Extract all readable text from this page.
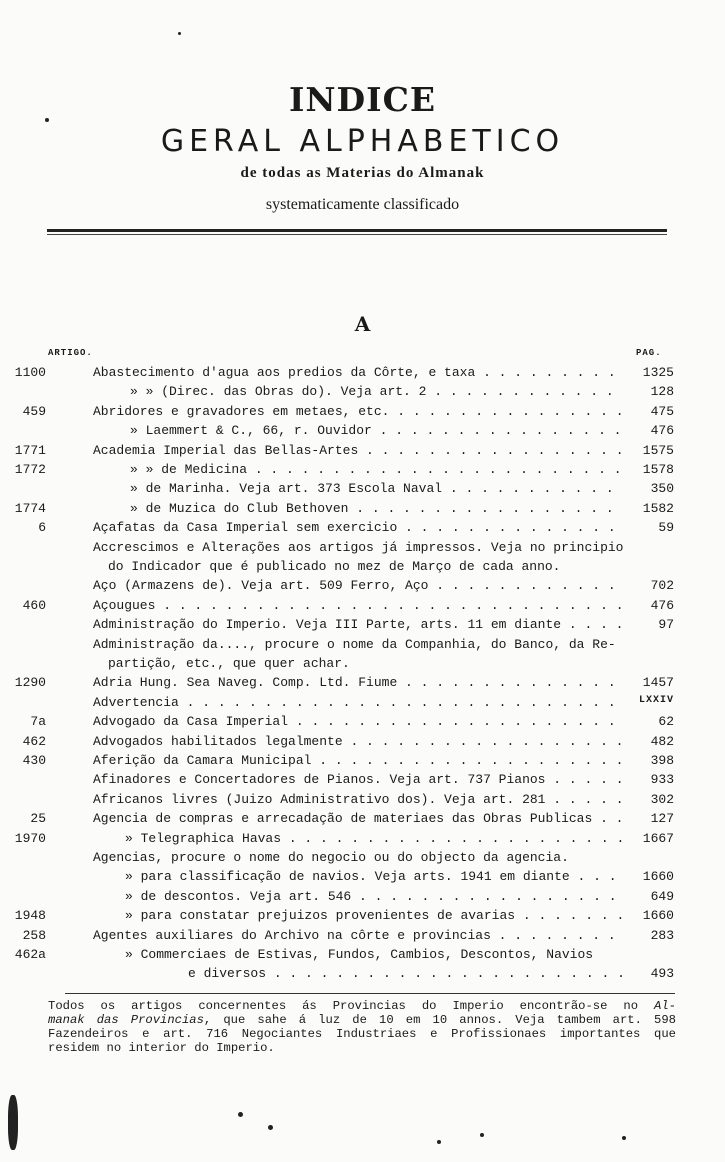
INDICE
GERAL ALPHABETICO
de todas as Materias do Almanak
systematicamente classificado
A
ARTIGO.	PAG.
1100	Abastecimento d'agua aos predios da Côrte, e taxa . . .	1325
» » (Direc. das Obras do). Veja art. 2 . . .	128
459	Abridores e gravadores em metaes, etc. . . .	475
» Laemmert & C., 66, r. Ouvidor . . .	476
1771	Academia Imperial das Bellas-Artes . . .	1575
1772	» » de Medicina . . .	1578
» de Marinha. Veja art. 373 Escola Naval . . .	350
1774	» de Muzica do Club Bethoven . . .	1582
6	Açafatas da Casa Imperial sem exercicio . . .	59
Accrescimos e Alterações aos artigos já impressos. Veja no principio
do Indicador que é publicado no mez de Março de cada anno.
Aço (Armazens de). Veja art. 509 Ferro, Aço . . .	702
460	Açougues . . .	476
Administração do Imperio. Veja III Parte, arts. 11 em diante . . .	97
Administração da...., procure o nome da Companhia, do Banco, da Re-
partição, etc., que quer achar.
1290	Adria Hung. Sea Naveg. Comp. Ltd. Fiume . . .	1457
Advertencia . . .	LXXIV
7a	Advogado da Casa Imperial . . .	62
462	Advogados habilitados legalmente . . .	482
430	Aferição da Camara Municipal . . .	398
Afinadores e Concertadores de Pianos. Veja art. 737 Pianos . . .	933
Africanos livres (Juizo Administrativo dos). Veja art. 281 . . .	302
25	Agencia de compras e arrecadação de materiaes das Obras Publicas . . .	127
1970	» Telegraphica Havas . . .	1667
Agencias, procure o nome do negocio ou do objecto da agencia.
» para classificação de navios. Veja arts. 1941 em diante . . .	1660
» de descontos. Veja art. 546 . . .	649
1948	» para constatar prejuizos provenientes de avarias . . .	1660
258	Agentes auxiliares do Archivo na côrte e provincias . . .	283
462a	» Commerciaes de Estivas, Fundos, Cambios, Descontos, Navios
e diversos . . .	493
Todos os artigos concernentes ás Provincias do Imperio encontrão-se no Al-
manak das Provincias, que sahe á luz de 10 em 10 annos. Veja tambem art. 598
Fazendeiros e art. 716 Negociantes Industriaes e Profissionaes importantes que
residem no interior do Imperio.
